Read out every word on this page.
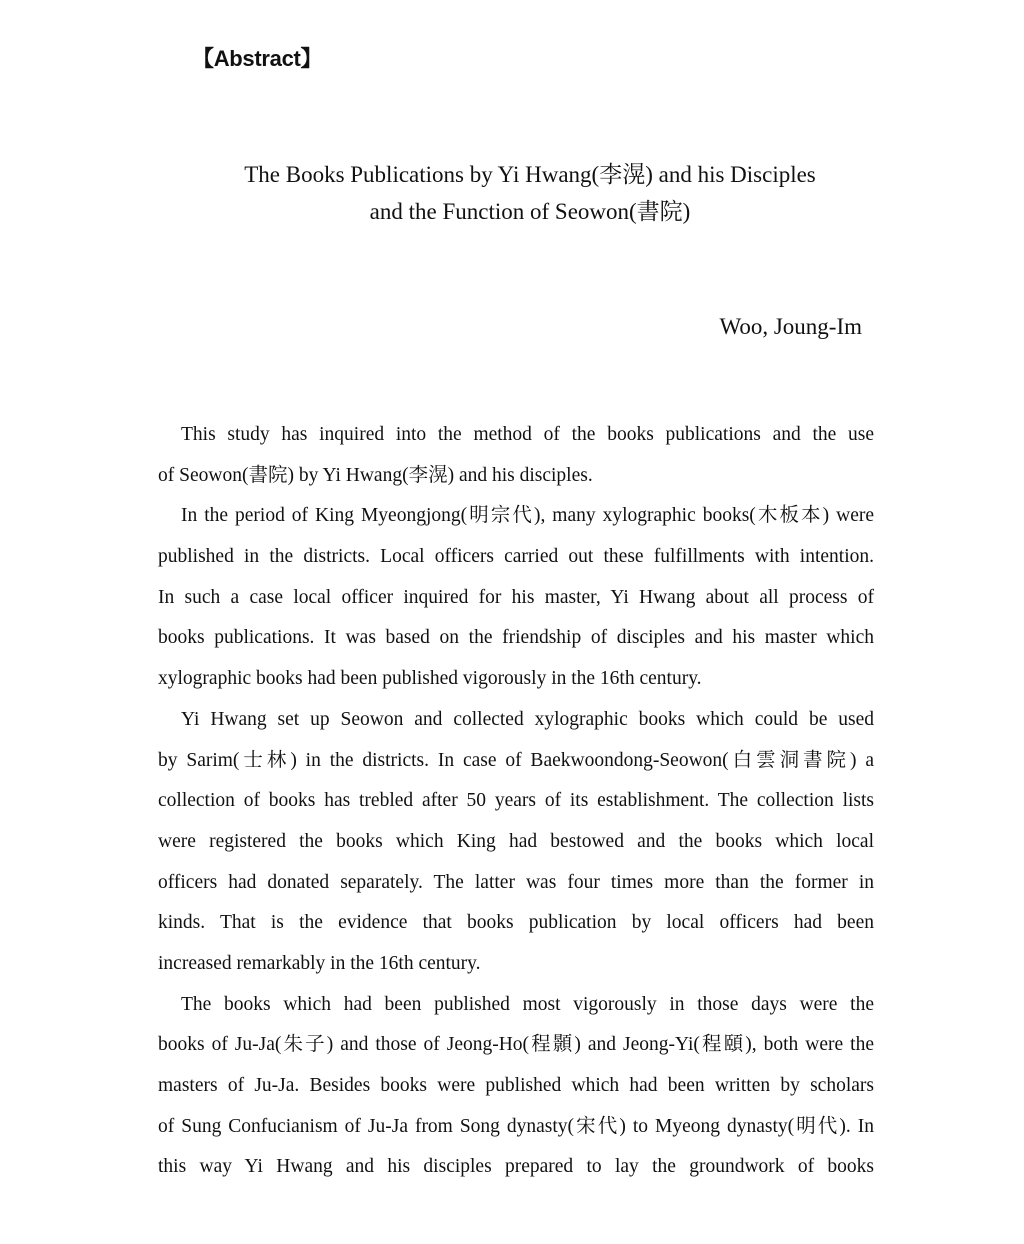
【Abstract】
The Books Publications by Yi Hwang(李滉) and his Disciples
and the Function of Seowon(書院)
Woo, Joung-Im
This study has inquired into the method of the books publications and the use
of Seowon(書院) by Yi Hwang(李滉) and his disciples.
In the period of King Myeongjong(明宗代), many xylographic books(木板本) were
published in the districts. Local officers carried out these fulfillments with intention.
In such a case local officer inquired for his master, Yi Hwang about all process of
books publications. It was based on the friendship of disciples and his master which
xylographic books had been published vigorously in the 16th century.
Yi Hwang set up Seowon and collected xylographic books which could be used
by Sarim(士林) in the districts. In case of Baekwoondong-Seowon(白雲洞書院) a
collection of books has trebled after 50 years of its establishment. The collection lists
were registered the books which King had bestowed and the books which local
officers had donated separately. The latter was four times more than the former in
kinds. That is the evidence that books publication by local officers had been
increased remarkably in the 16th century.
The books which had been published most vigorously in those days were the
books of Ju-Ja(朱子) and those of Jeong-Ho(程顥) and Jeong-Yi(程頤), both were the
masters of Ju-Ja. Besides books were published which had been written by scholars
of Sung Confucianism of Ju-Ja from Song dynasty(宋代) to Myeong dynasty(明代). In
this way Yi Hwang and his disciples prepared to lay the groundwork of books
